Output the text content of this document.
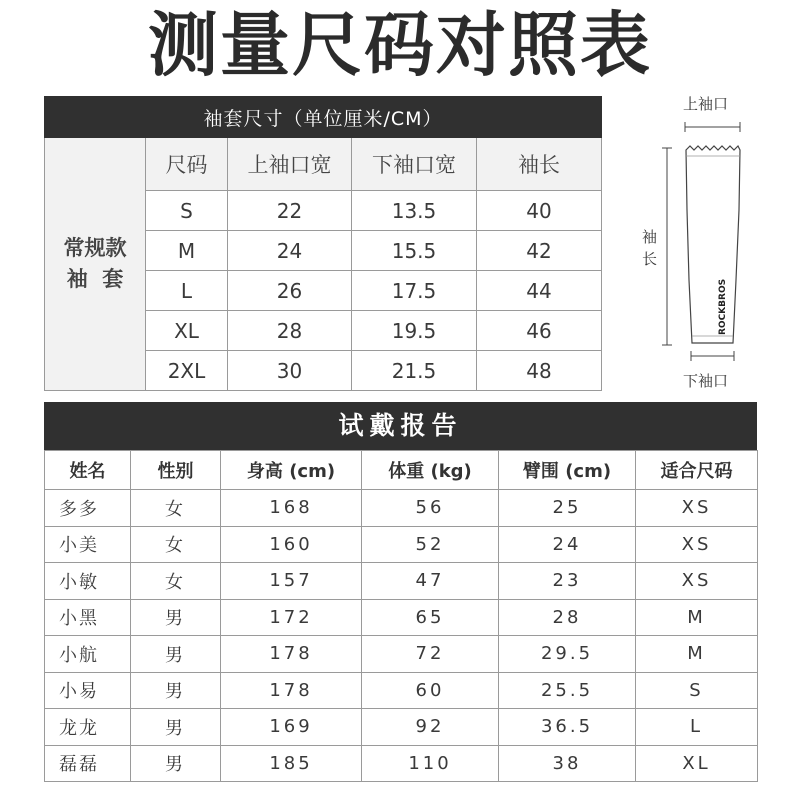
测量尺码对照表
袖套尺寸（单位厘米/CM）				

常规款
袖  套	尺码	上袖口宽	下袖口宽	袖长
	S	22	13.5	40
	M	24	15.5	42
	L	26	17.5	44
	XL	28	19.5	46
	2XL	30	21.5	48
ROCKBROS
上袖口
袖
长
下袖口
试戴报告
姓名	性别	身高 (cm)	体重 (kg)	臂围 (cm)	适合尺码
多多	女	168	56	25	XS
小美	女	160	52	24	XS
小敏	女	157	47	23	XS
小黑	男	172	65	28	M
小航	男	178	72	29.5	M
小易	男	178	60	25.5	S
龙龙	男	169	92	36.5	L
磊磊	男	185	110	38	XL
